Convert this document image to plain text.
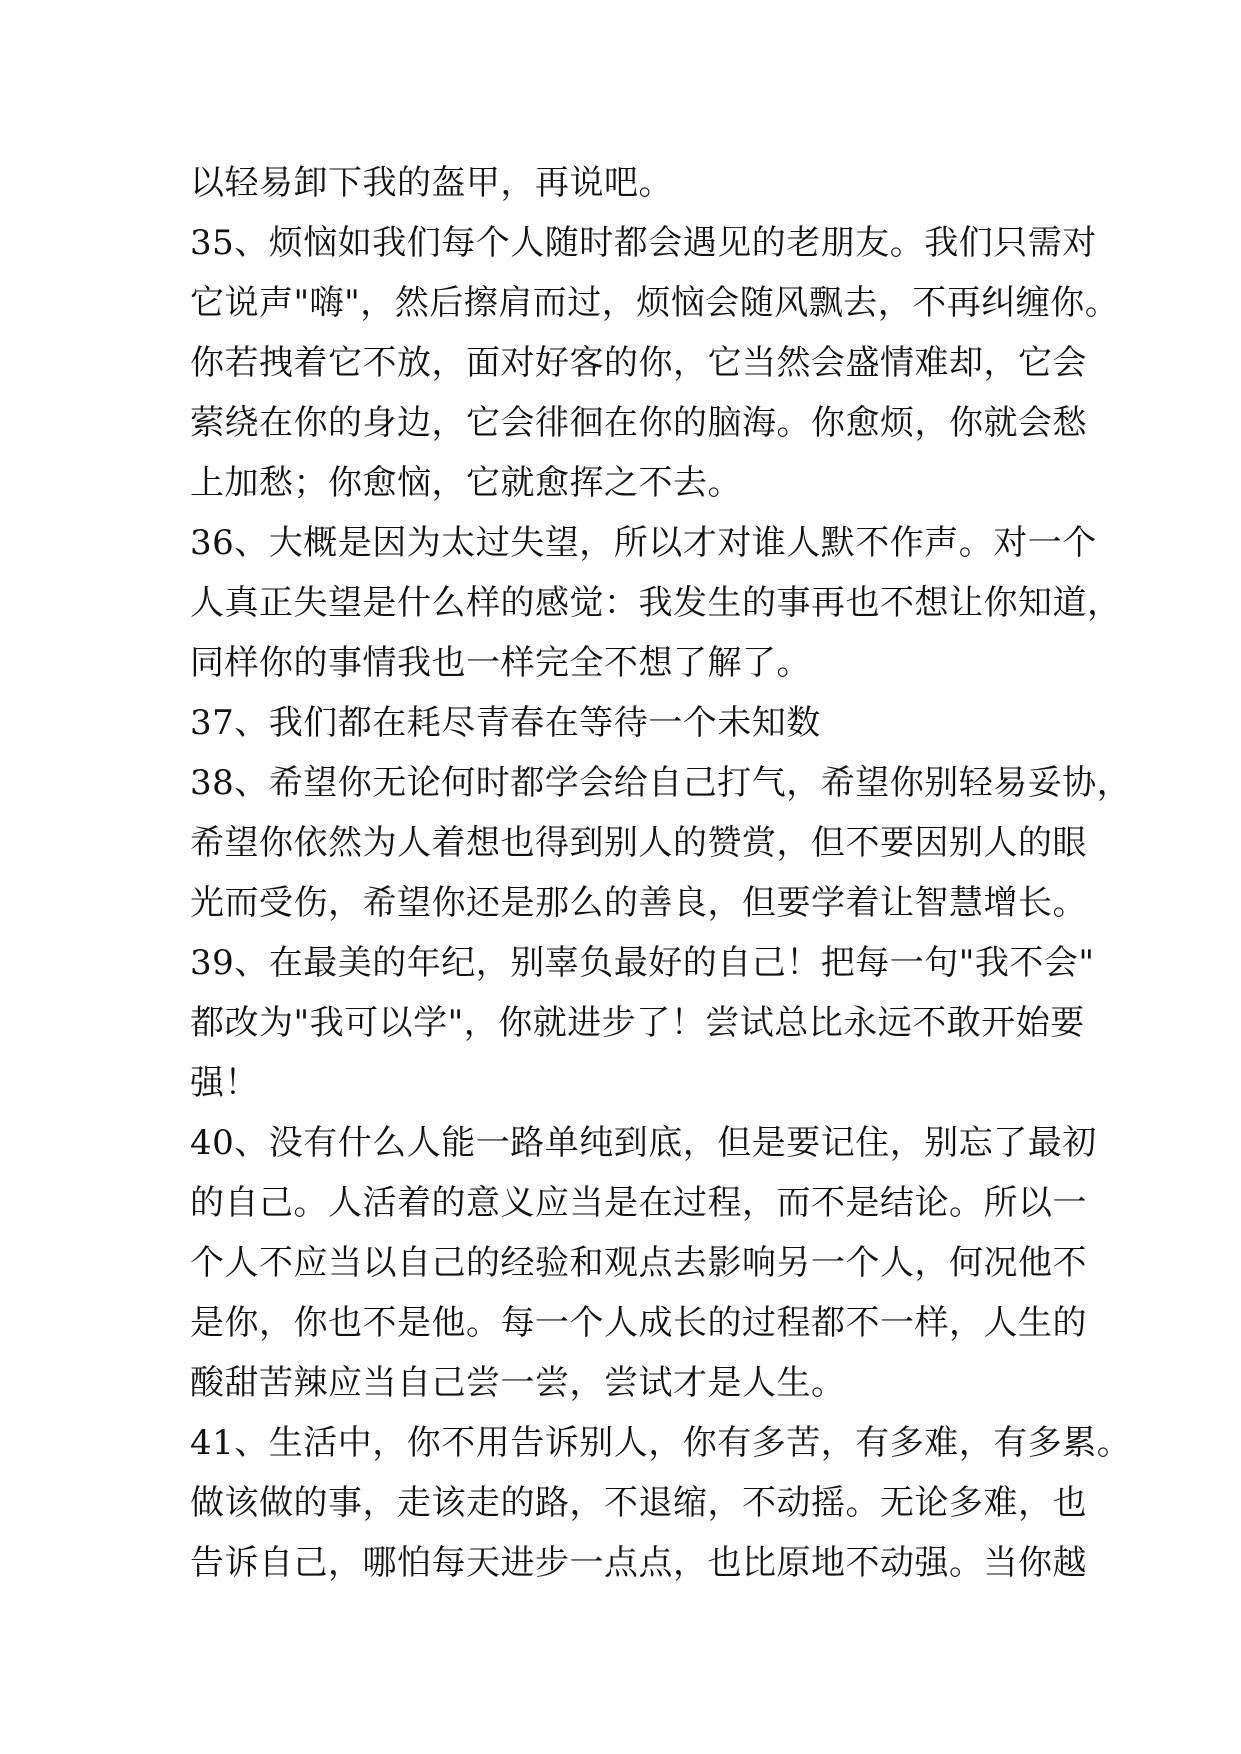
以轻易卸下我的盔甲，再说吧。
35、烦恼如我们每个人随时都会遇见的老朋友。我们只需对
它说声"嗨"，然后擦肩而过，烦恼会随风飘去，不再纠缠你。
你若拽着它不放，面对好客的你，它当然会盛情难却，它会
萦绕在你的身边，它会徘徊在你的脑海。你愈烦，你就会愁
上加愁；你愈恼，它就愈挥之不去。
36、大概是因为太过失望，所以才对谁人默不作声。对一个
人真正失望是什么样的感觉：我发生的事再也不想让你知道，
同样你的事情我也一样完全不想了解了。
37、我们都在耗尽青春在等待一个未知数
38、希望你无论何时都学会给自己打气，希望你别轻易妥协，
希望你依然为人着想也得到别人的赞赏，但不要因别人的眼
光而受伤，希望你还是那么的善良，但要学着让智慧增长。
39、在最美的年纪，别辜负最好的自己！把每一句"我不会"
都改为"我可以学"，你就进步了！尝试总比永远不敢开始要
强！
40、没有什么人能一路单纯到底，但是要记住，别忘了最初
的自己。人活着的意义应当是在过程，而不是结论。所以一
个人不应当以自己的经验和观点去影响另一个人，何况他不
是你，你也不是他。每一个人成长的过程都不一样，人生的
酸甜苦辣应当自己尝一尝，尝试才是人生。
41、生活中，你不用告诉别人，你有多苦，有多难，有多累。
做该做的事，走该走的路，不退缩，不动摇。无论多难，也
告诉自己，哪怕每天进步一点点，也比原地不动强。当你越
